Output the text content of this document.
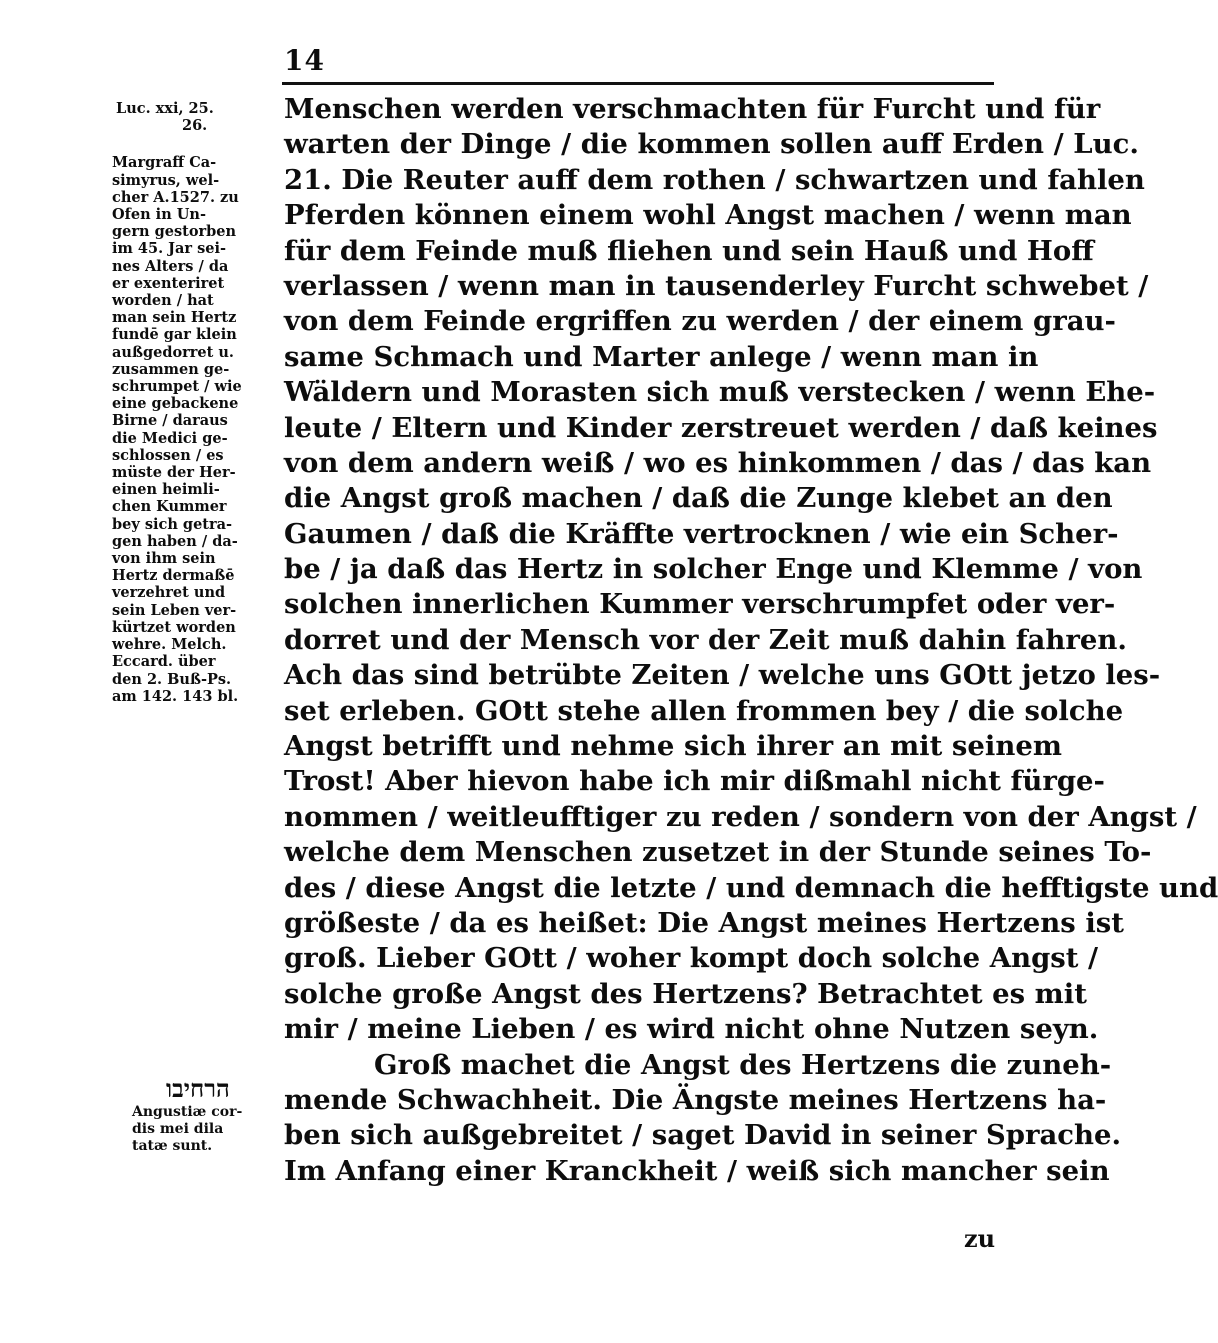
14
Luc. xxi, 25.
26.
Margraff Ca-
simyrus, wel-
cher A.1527. zu
Ofen in Un-
gern gestorben
im 45. Jar sei-
nes Alters / da
er exenteriret
worden / hat
man sein Hertz
fundē gar klein
außgedorret u.
zusammen ge-
schrumpet / wie
eine gebackene
Birne / daraus
die Medici ge-
schlossen / es
müste der Her-
einen heimli-
chen Kummer
bey sich getra-
gen haben / da-
von ihm sein
Hertz dermaßē
verzehret und
sein Leben ver-
kürtzet worden
wehre. Melch.
Eccard. über
den 2. Buß-Ps.
am 142. 143 bl.
הרחיבו
Angustiæ cor-
dis mei dila
tatæ sunt.
Menschen werden verschmachten für Furcht und für
warten der Dinge / die kommen sollen auff Erden / Luc.
21. Die Reuter auff dem rothen / schwartzen und fahlen
Pferden können einem wohl Angst machen / wenn man
für dem Feinde muß fliehen und sein Hauß und Hoff
verlassen / wenn man in tausenderley Furcht schwebet /
von dem Feinde ergriffen zu werden / der einem grau-
same Schmach und Marter anlege / wenn man in
Wäldern und Morasten sich muß verstecken / wenn Ehe-
leute / Eltern und Kinder zerstreuet werden / daß keines
von dem andern weiß / wo es hinkommen / das / das kan
die Angst groß machen / daß die Zunge klebet an den
Gaumen / daß die Kräffte vertrocknen / wie ein Scher-
be / ja daß das Hertz in solcher Enge und Klemme / von
solchen innerlichen Kummer verschrumpfet oder ver-
dorret und der Mensch vor der Zeit muß dahin fahren.
Ach das sind betrübte Zeiten / welche uns GOtt jetzo les-
set erleben. GOtt stehe allen frommen bey / die solche
Angst betrifft und nehme sich ihrer an mit seinem
Trost! Aber hievon habe ich mir dißmahl nicht fürge-
nommen / weitleufftiger zu reden / sondern von der Angst /
welche dem Menschen zusetzet in der Stunde seines To-
des / diese Angst die letzte / und demnach die hefftigste und
größeste / da es heißet: Die Angst meines Hertzens ist
groß. Lieber GOtt / woher kompt doch solche Angst /
solche große Angst des Hertzens? Betrachtet es mit
mir / meine Lieben / es wird nicht ohne Nutzen seyn.
Groß machet die Angst des Hertzens die zuneh-
mende Schwachheit. Die Ängste meines Hertzens ha-
ben sich außgebreitet / saget David in seiner Sprache.
Im Anfang einer Kranckheit / weiß sich mancher sein
zu
